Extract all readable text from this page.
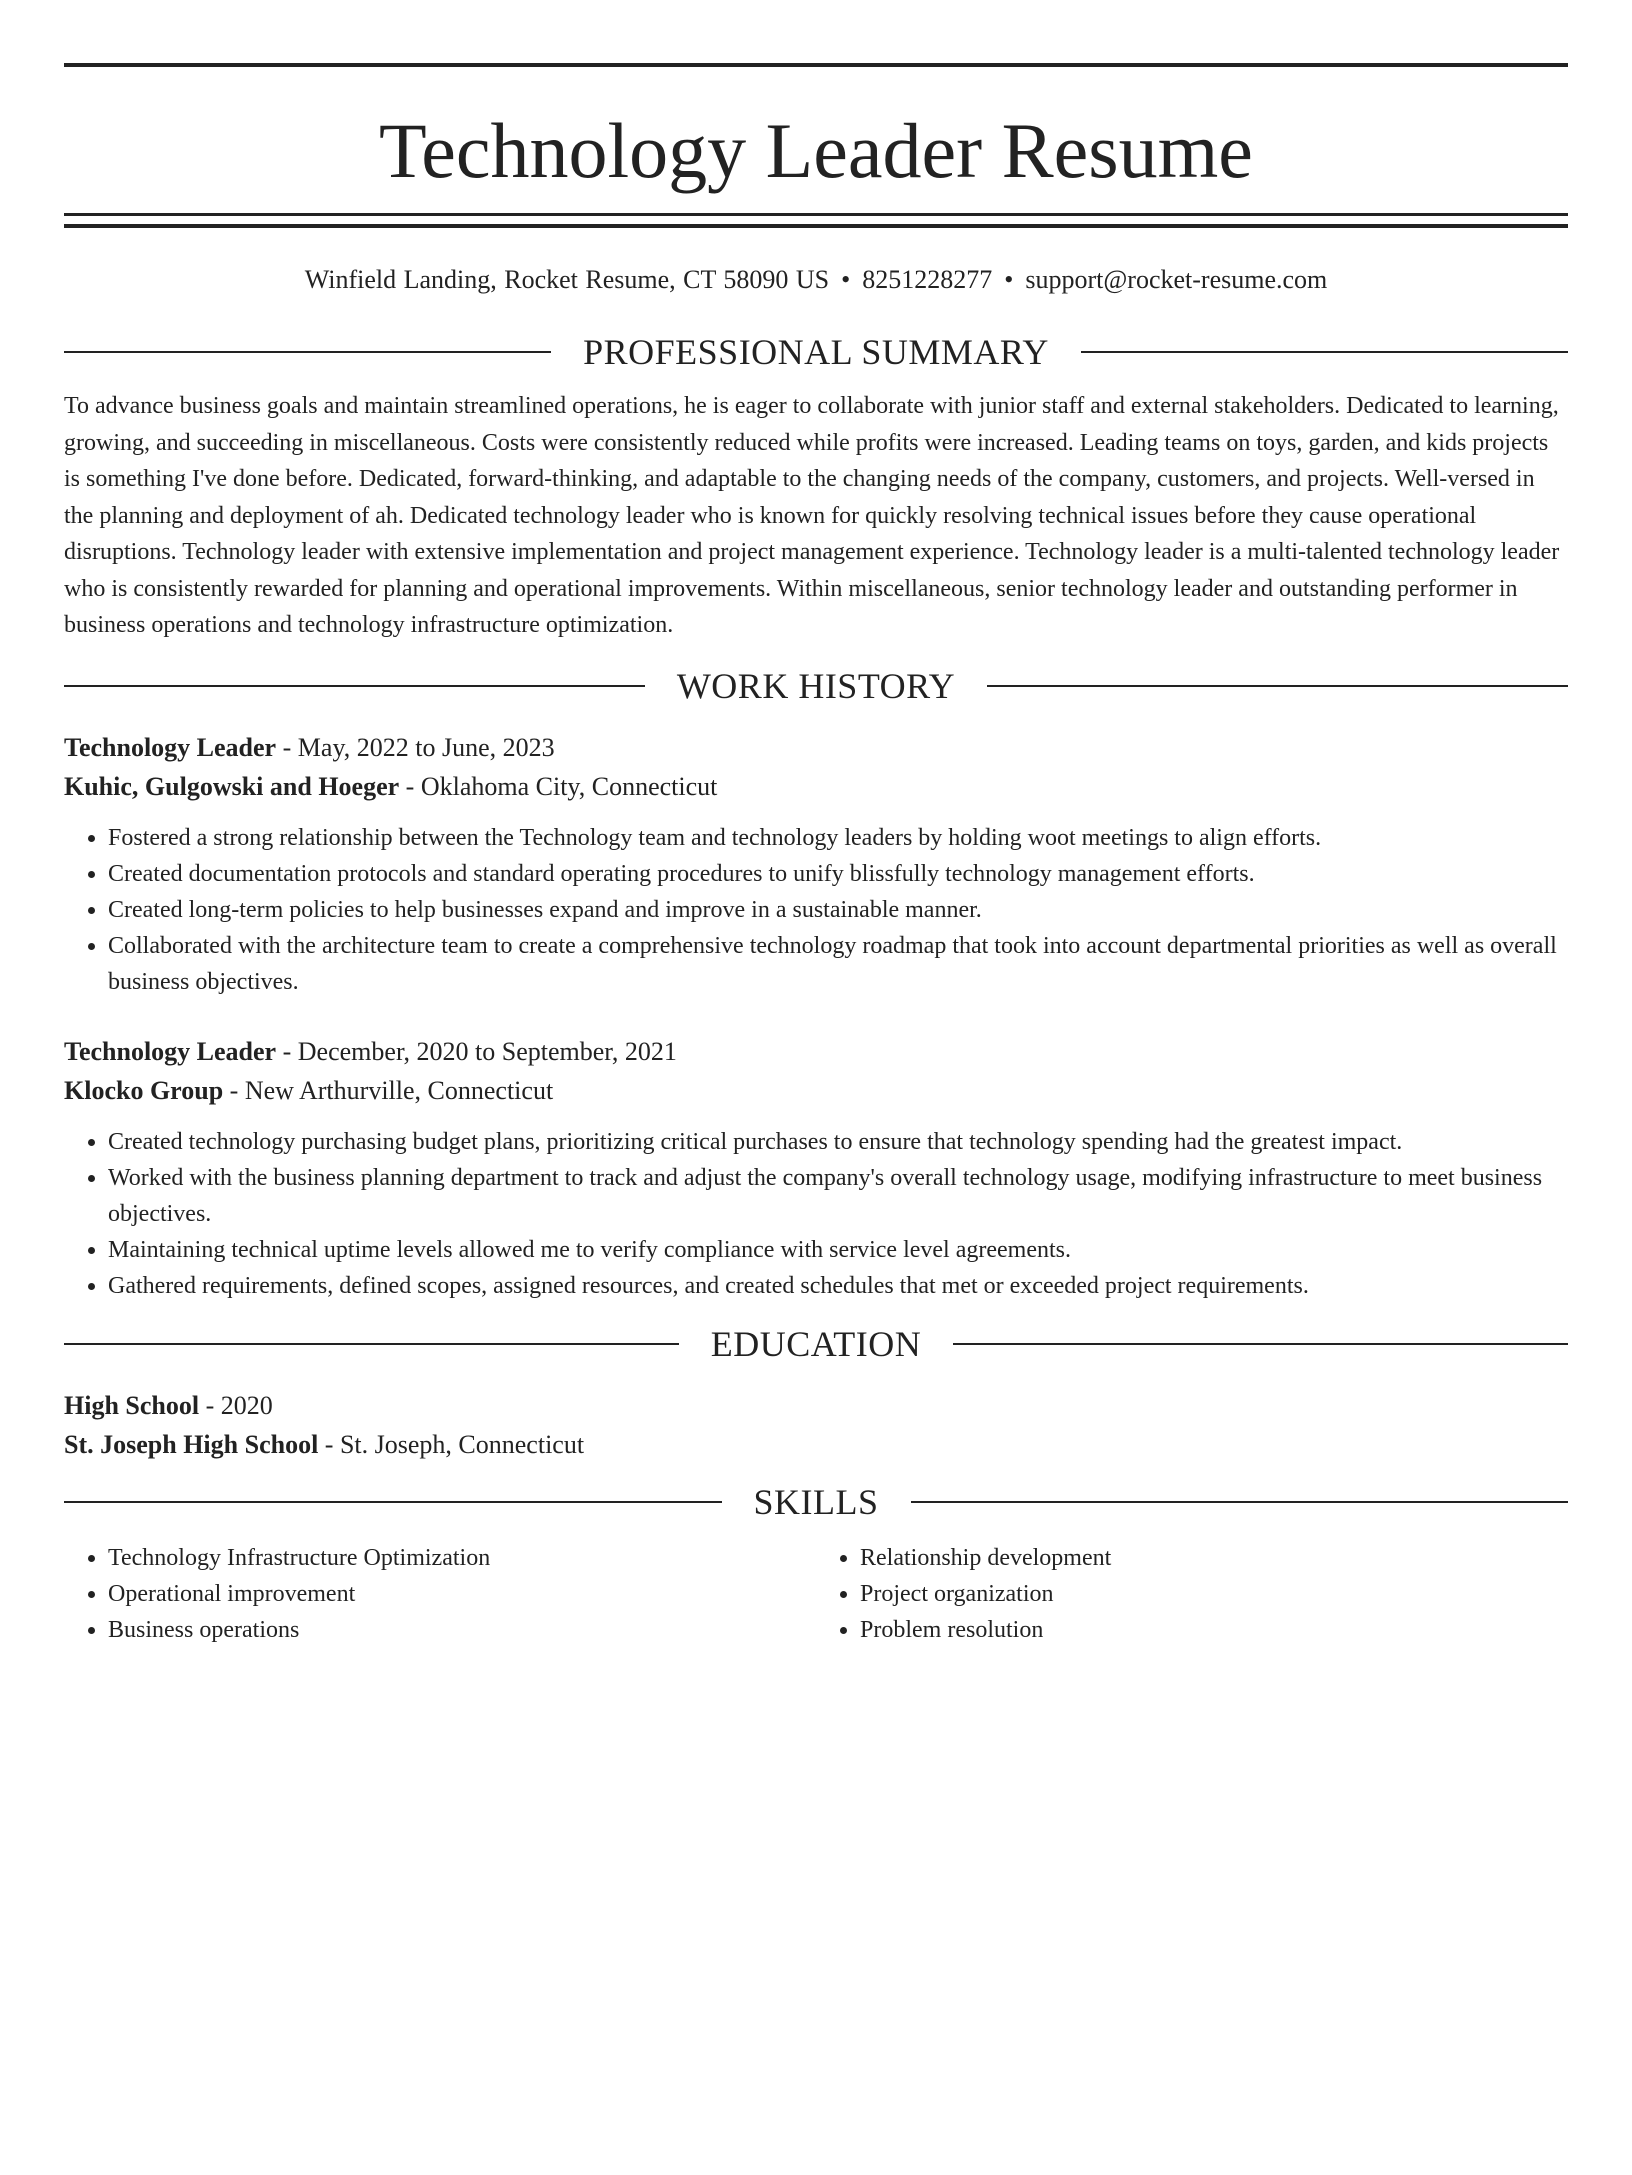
Technology Leader Resume
Winfield Landing, Rocket Resume, CT 58090 US • 8251228277 • support@rocket-resume.com
PROFESSIONAL SUMMARY

To advance business goals and maintain streamlined operations, he is eager to collaborate with junior staff and external stakeholders. Dedicated to learning, growing, and succeeding in miscellaneous. Costs were consistently reduced while profits were increased. Leading teams on toys, garden, and kids projects is something I've done before. Dedicated, forward-thinking, and adaptable to the changing needs of the company, customers, and projects. Well-versed in the planning and deployment of ah. Dedicated technology leader who is known for quickly resolving technical issues before they cause operational disruptions. Technology leader with extensive implementation and project management experience. Technology leader is a multi-talented technology leader who is consistently rewarded for planning and operational improvements. Within miscellaneous, senior technology leader and outstanding performer in business operations and technology infrastructure optimization.

WORK HISTORY

Technology Leader - May, 2022 to June, 2023

Kuhic, Gulgowski and Hoeger - Oklahoma City, Connecticut

• Fostered a strong relationship between the Technology team and technology leaders by holding woot meetings to align efforts.
• Created documentation protocols and standard operating procedures to unify blissfully technology management efforts.
• Created long-term policies to help businesses expand and improve in a sustainable manner.
• Collaborated with the architecture team to create a comprehensive technology roadmap that took into account departmental priorities as well as overall business objectives.

Technology Leader - December, 2020 to September, 2021

Klocko Group - New Arthurville, Connecticut

• Created technology purchasing budget plans, prioritizing critical purchases to ensure that technology spending had the greatest impact.
• Worked with the business planning department to track and adjust the company's overall technology usage, modifying infrastructure to meet business objectives.
• Maintaining technical uptime levels allowed me to verify compliance with service level agreements.
• Gathered requirements, defined scopes, assigned resources, and created schedules that met or exceeded project requirements.
EDUCATION

High School - 2020

St. Joseph High School - St. Joseph, Connecticut

SKILLS
• Technology Infrastructure Optimization
• Operational improvement
• Business operations
• Relationship development
• Project organization
• Problem resolution
